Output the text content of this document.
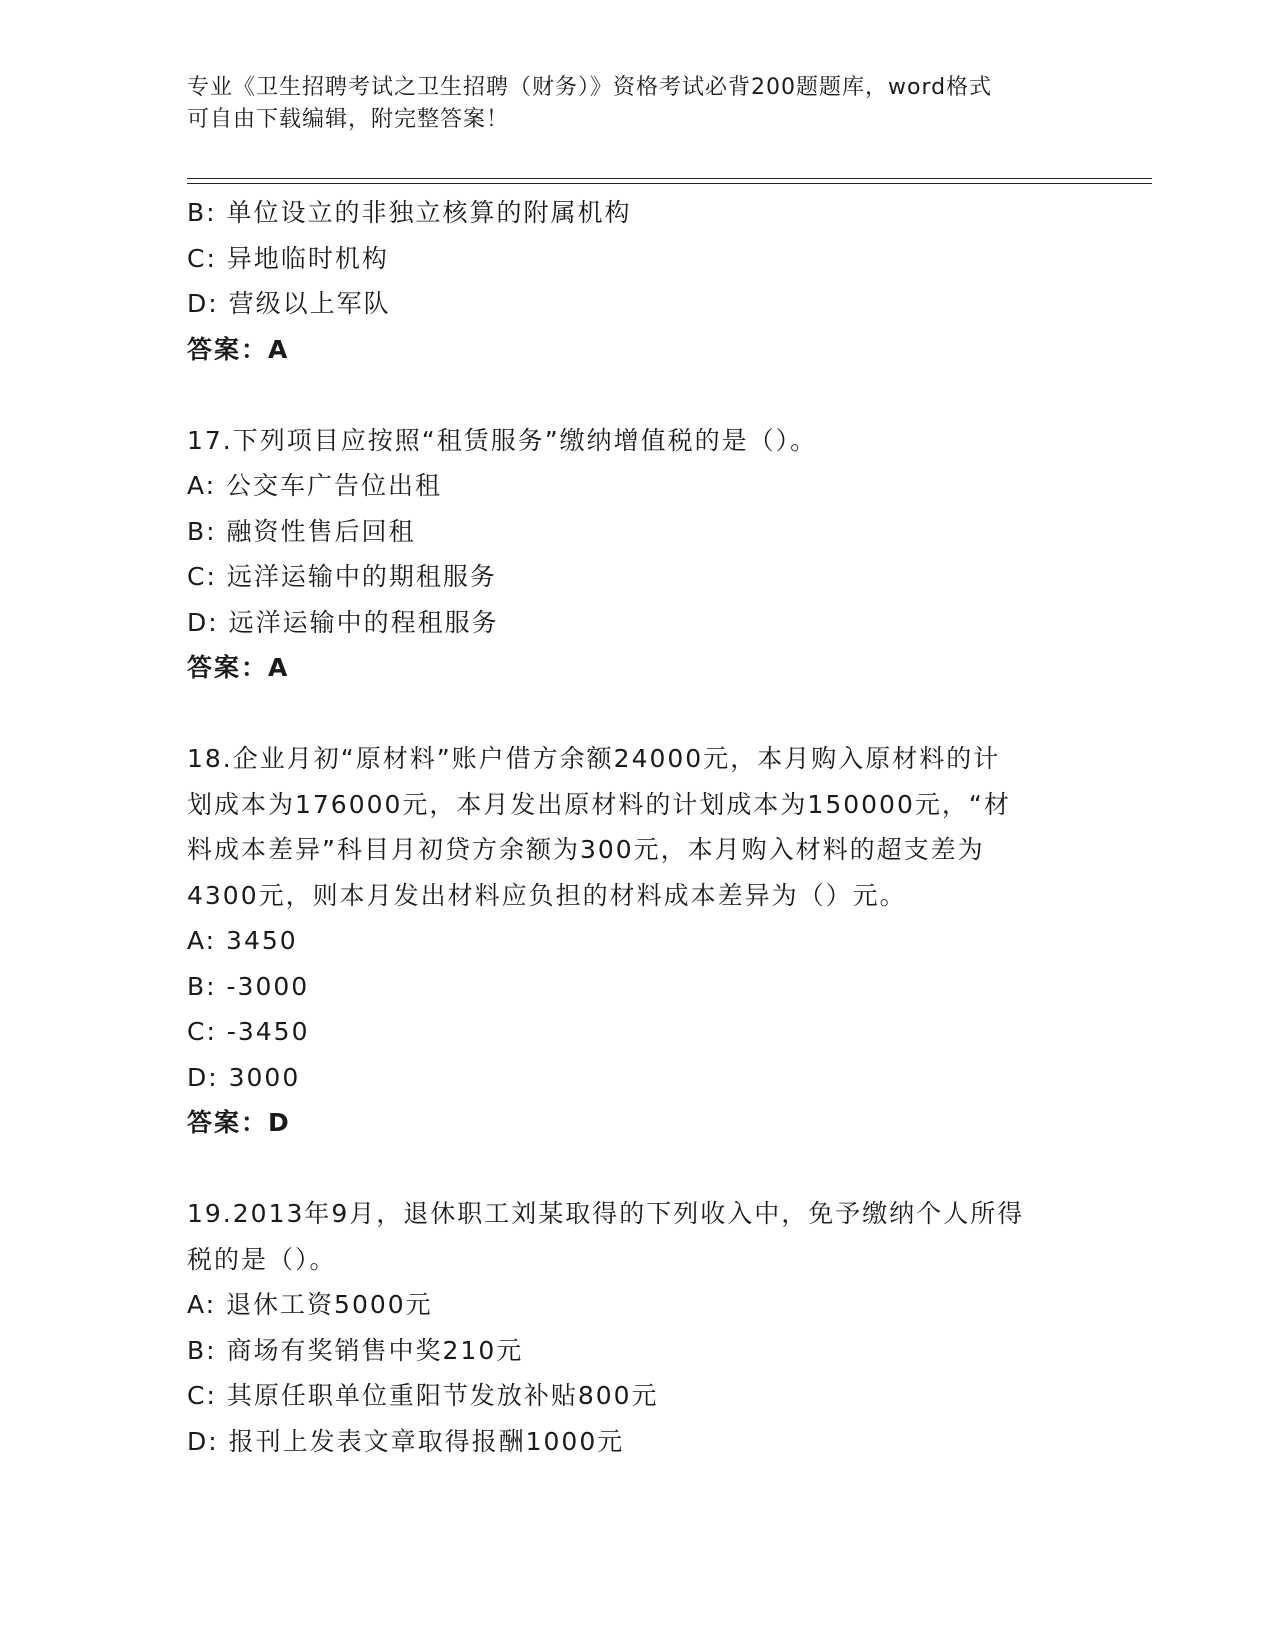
专业《卫生招聘考试之卫生招聘（财务）》资格考试必背200题题库，word格式
可自由下载编辑，附完整答案！
B: 单位设立的非独立核算的附属机构
C: 异地临时机构
D: 营级以上军队
答案：A
17.下列项目应按照“租赁服务”缴纳增值税的是（）。
A: 公交车广告位出租
B: 融资性售后回租
C: 远洋运输中的期租服务
D: 远洋运输中的程租服务
答案：A
18.企业月初“原材料”账户借方余额24000元，本月购入原材料的计
划成本为176000元，本月发出原材料的计划成本为150000元，“材
料成本差异”科目月初贷方余额为300元，本月购入材料的超支差为
4300元，则本月发出材料应负担的材料成本差异为（）元。
A: 3450
B: -3000
C: -3450
D: 3000
答案：D
19.2013年9月，退休职工刘某取得的下列收入中，免予缴纳个人所得
税的是（）。
A: 退休工资5000元
B: 商场有奖销售中奖210元
C: 其原任职单位重阳节发放补贴800元
D: 报刊上发表文章取得报酬1000元
